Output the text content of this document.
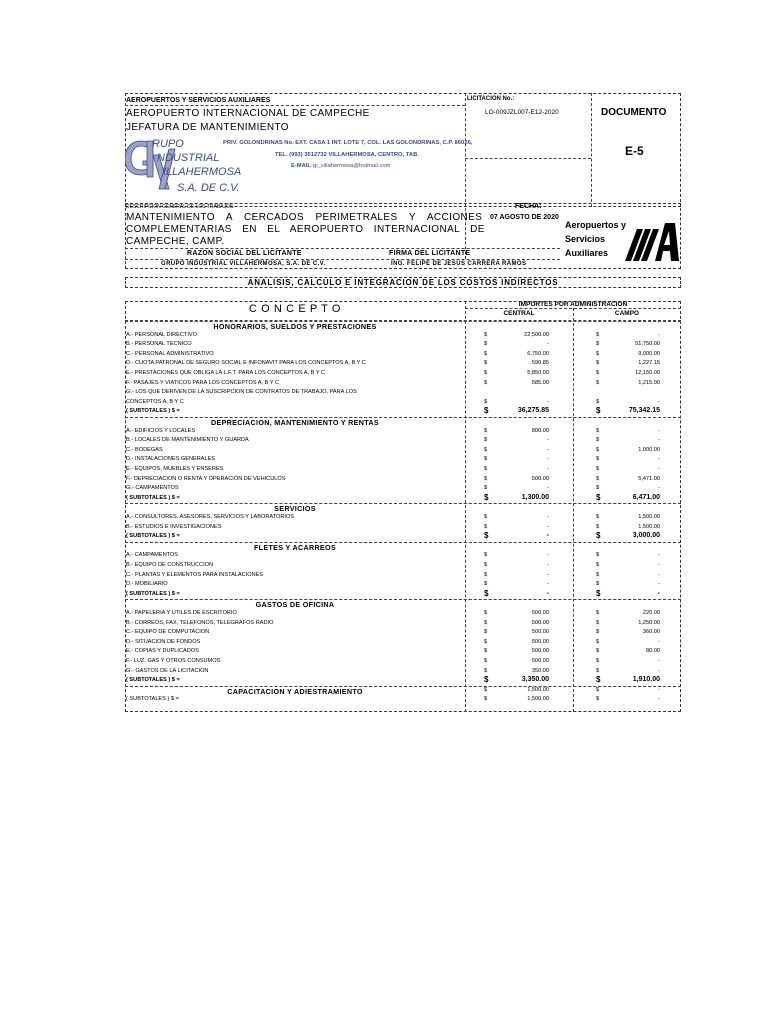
AEROPUERTOS Y SERVICIOS AUXILIARES
AEROPUERTO INTERNACIONAL DE CAMPECHE
JEFATURA DE MANTENIMIENTO
RUPO
NDUSTRIAL
ILLAHERMOSA
S.A. DE C.V.
PRIV. GOLONDRINAS No. EXT. CASA 1 INT. LOTE 7, COL. LAS GOLONDRINAS, C.P. 86026,
TEL. (993) 3512732 VILLAHERMOSA, CENTRO, TAB.
E-MAIL: gi_villahermosa@hotmail.com
LICITACION No.:
LO-009JZL007-E12-2020	DOCUMENTO
E-5
DESCRIPCION GENERAL DE LOS TRABAJOS:
MANTENIMIENTO A CERCADOS PERIMETRALES Y ACCIONES
COMPLEMENTARIAS EN EL AEROPUERTO INTERNACIONAL DE
CAMPECHE, CAMP.
FECHA:
07 AGOSTO DE 2020
Aeropuertos y
Servicios
Auxiliares
RAZON SOCIAL DEL LICITANTE
GRUPO INDUSTRIAL VILLAHERMOSA, S.A. DE C.V.
FIRMA DEL LICITANTE
ING. FELIPE DE JESÚS CARRERA RAMOS
ANALISIS, CALCULO E INTEGRACION DE LOS COSTOS INDIRECTOS
C O N C E P T O	IMPORTES POR ADMINISTRACION
CENTRAL	CAMPO
HONORARIOS, SUELDOS Y PRESTACIONES
A.- PERSONAL DIRECTIVO	$	22,500.00	$	-
B.- PERSONAL TECNICO	$	-	$	51,750.00
C.- PERSONAL ADMINISTRATIVO	$	6,750.00	$	9,000.00
D.- CUOTA PATRONAL DE SEGURO SOCIAL E INFONAVIT PARA LOS CONCEPTOS A, B Y C	$	590.85	$	1,227.15
E.- PRESTACIONES QUE OBLIGA LA L.F.T. PARA LOS CONCEPTOS A, B Y C	$	5,850.00	$	12,150.00
F.- PASAJES Y VIATICOS PARA LOS CONCEPTOS A, B Y C	$	585.00	$	1,215.00
G.- LOS QUE DERIVEN DE LA SUSCRIPCION DE CONTRATOS DE TRABAJO, PARA LOS
CONCEPTOS A, B Y C	$	-	$	-
( SUBTOTALES ) $ =	$	36,275.85	$	75,342.15
DEPRECIACION, MANTENIMIENTO Y RENTAS
A.- EDIFICIOS Y LOCALES	$	800.00	$	-
B.- LOCALES DE MANTENIMIENTO Y GUARDA	$	-	$	-
C.- BODEGAS	$	-	$	1,000.00
D.- INSTALACIONES GENERALES	$	-	$	-
E.- EQUIPOS, MUEBLES Y ENSERES	$	-	$	-
F.- DEPRECIACION O RENTA Y OPERACIÓN DE VEHICULOS	$	500.00	$	5,471.00
G.- CAMPAMENTOS	$	-	$	-
( SUBTOTALES ) $ =	$	1,300.00	$	6,471.00
SERVICIOS
A.- CONSULTORES, ASESORES, SERVICIOS Y LABORATORIOS	$	-	$	1,500.00
B.- ESTUDIOS E INVESTIGACIONES	$	-	$	1,500.00
( SUBTOTALES ) $ =	$	-	$	3,000.00
FLETES Y ACARREOS
A.- CAMPAMENTOS	$	-	$	-
B.- EQUIPO DE CONSTRUCCION	$	-	$	-
C.- PLANTAS Y ELEMENTOS PARA INSTALACIONES	$	-	$	-
D.- MOBILIARIO	$	-	$	-
( SUBTOTALES ) $ =	$	-	$	-
GASTOS DE OFICINA
A.- PAPELERIA Y UTILES DE ESCRITORIO	$	500.00	$	220.00
B.- CORREOS, FAX, TELEFONOS, TELEGRAFOS RADIO	$	500.00	$	1,250.00
C.- EQUIPO DE COMPUTACION	$	500.00	$	360.00
D.- SITUACION DE FONDOS	$	500.00	$	-
E.- COPIAS Y DUPLICADOS	$	500.00	$	80.00
F.- LUZ, GAS Y OTROS CONSUMOS	$	500.00	$	-
G.- GASTOS DE LA LICITACION	$	350.00	$	-
( SUBTOTALES ) $ =	$	3,350.00	$	1,910.00
$	1,500.00	$	-
CAPACITACION Y ADIESTRAMIENTO
( SUBTOTALES ) $ =	$	1,500.00	$	-
